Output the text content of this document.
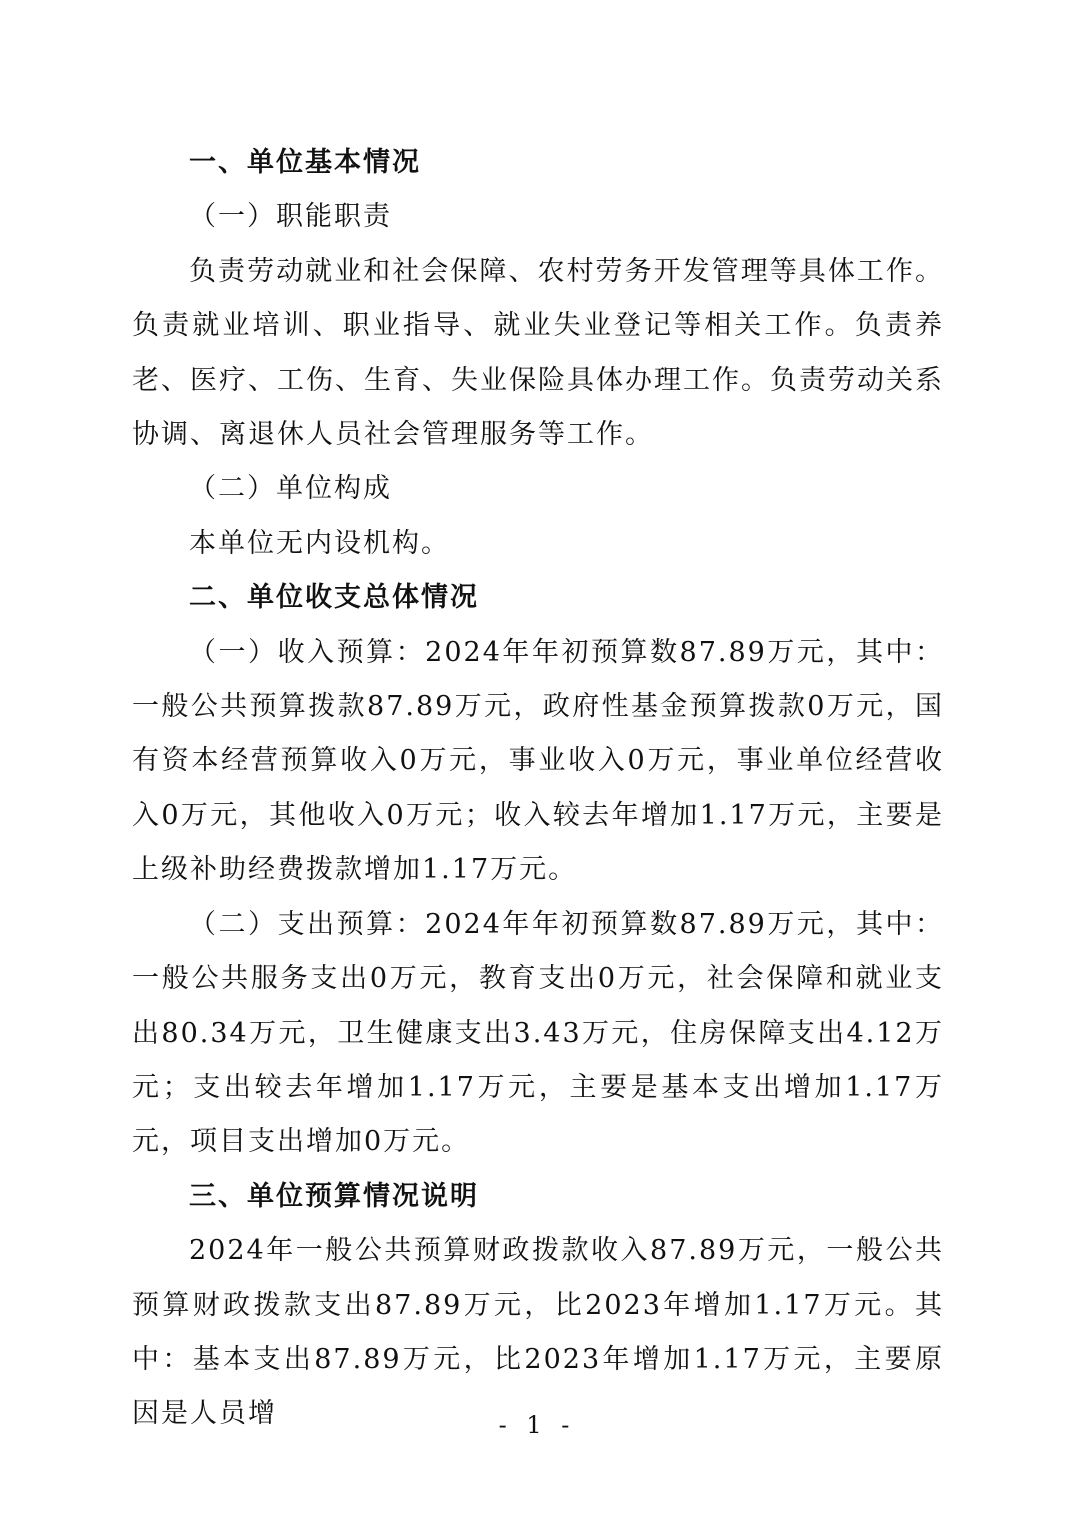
一、单位基本情况

（一）职能职责

负责劳动就业和社会保障、农村劳务开发管理等具体工作。负责就业培训、职业指导、就业失业登记等相关工作。负责养老、医疗、工伤、生育、失业保险具体办理工作。负责劳动关系协调、离退休人员社会管理服务等工作。

（二）单位构成

本单位无内设机构。

二、单位收支总体情况

（一）收入预算：2024年年初预算数87.89万元，其中：一般公共预算拨款87.89万元，政府性基金预算拨款0万元，国有资本经营预算收入0万元，事业收入0万元，事业单位经营收入0万元，其他收入0万元；收入较去年增加1.17万元，主要是上级补助经费拨款增加1.17万元。

（二）支出预算：2024年年初预算数87.89万元，其中：一般公共服务支出0万元，教育支出0万元，社会保障和就业支出80.34万元，卫生健康支出3.43万元，住房保障支出4.12万元；支出较去年增加1.17万元，主要是基本支出增加1.17万元，项目支出增加0万元。

三、单位预算情况说明

2024年一般公共预算财政拨款收入87.89万元，一般公共预算财政拨款支出87.89万元，比2023年增加1.17万元。其中：基本支出87.89万元，比2023年增加1.17万元，主要原因是人员增	- 1 -
